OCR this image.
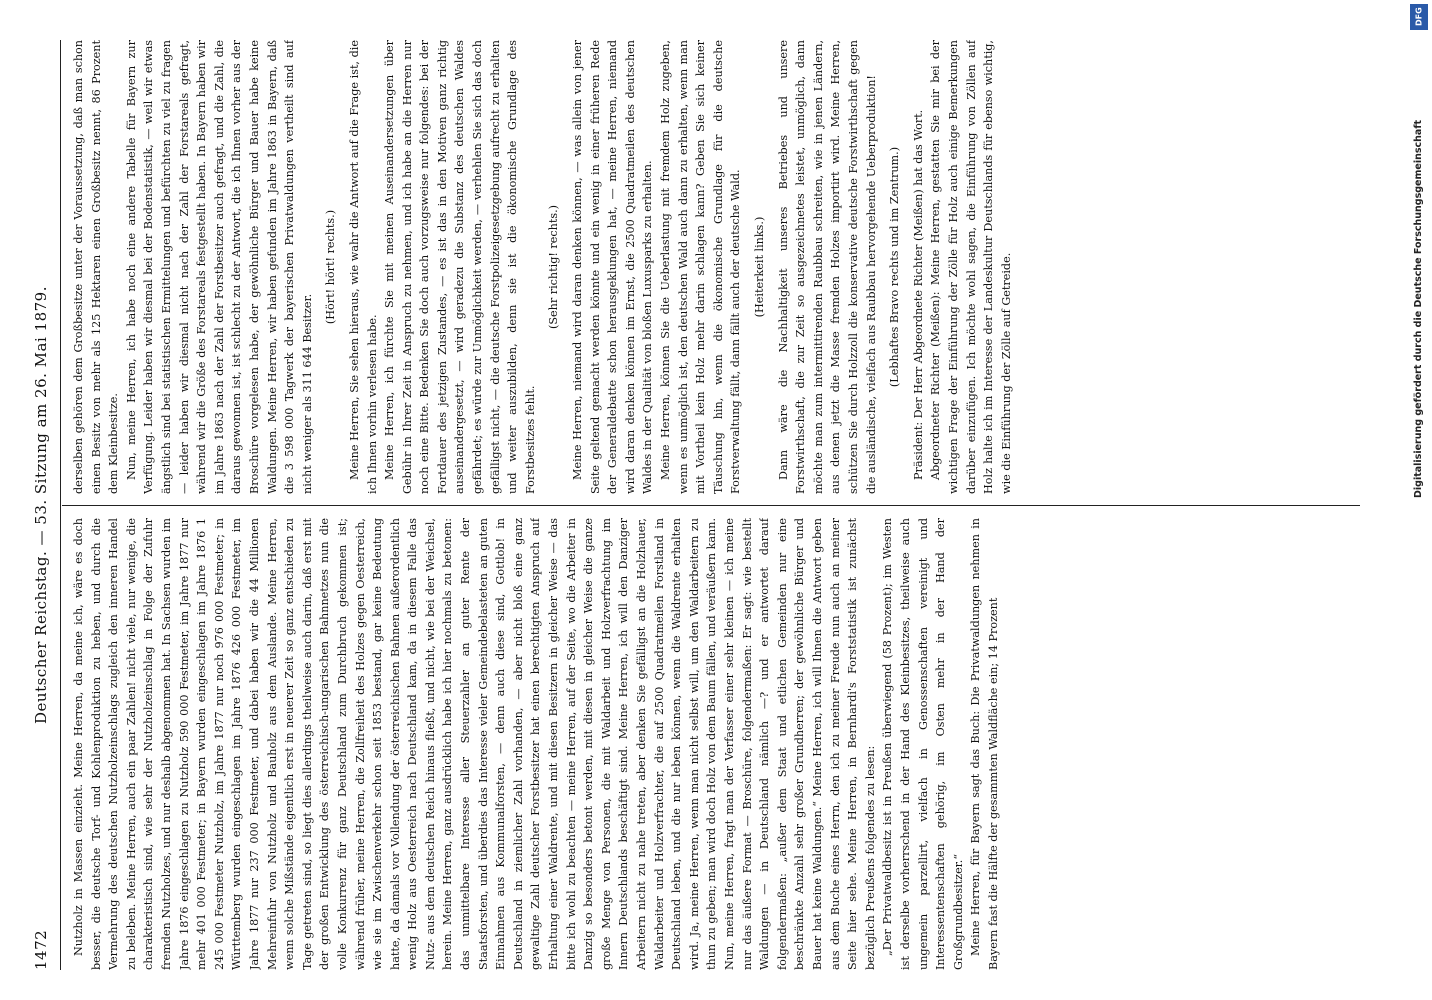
1472
Deutscher Reichstag. — 53. Sitzung am 26. Mai 1879.

Nutzholz in Massen einzieht. Meine Herren, da meine ich, wäre es doch besser, die deutsche Torf- und Kohlenproduktion zu heben, und durch die Vermehrung des deutschen Nutzholzeinschlags zugleich den inneren Handel zu beleben. Meine Herren, auch ein paar Zahlen! nicht viele, nur wenige, die charakteristisch sind, wie sehr der Nutzholzeinschlag in Folge der Zufuhr fremden Nutzholzes, und nur deshalb abgenommen hat. In Sachsen wurden im Jahre 1876 eingeschlagen zu Nutzholz 590 000 Festmeter, im Jahre 1877 nur mehr 401 000 Festmeter; in Bayern wurden eingeschlagen im Jahre 1876 1 245 000 Festmeter Nutzholz, im Jahre 1877 nur noch 976 000 Festmeter; in Württemberg wurden eingeschlagen im Jahre 1876 426 000 Festmeter, im Jahre 1877 nur 237 000 Festmeter, und dabei haben wir die 44 Millionen Mehreinfuhr von Nutzholz und Bauholz aus dem Auslande. Meine Herren, wenn solche Mißstände eigentlich erst in neuerer Zeit so ganz entschieden zu Tage getreten sind, so liegt dies allerdings theilweise auch darin, daß erst mit der großen Entwicklung des österreichisch-ungarischen Bahnnetzes nun die volle Konkurrenz für ganz Deutschland zum Durchbruch gekommen ist; während früher, meine Herren, die Zollfreiheit des Holzes gegen Oesterreich, wie sie im Zwischenverkehr schon seit 1853 bestand, gar keine Bedeutung hatte, da damals vor Vollendung der österreichischen Bahnen außerordentlich wenig Holz aus Oesterreich nach Deutschland kam, da in diesem Falle das Nutz- aus dem deutschen Reich hinaus fließt, und nicht, wie bei der Weichsel, herein. Meine Herren, ganz ausdrücklich habe ich hier nochmals zu betonen: das unmittelbare Interesse aller Steuerzahler an guter Rente der Staatsforsten, und überdies das Interesse vieler Gemeindebelasteten an guten Einnahmen aus Kommunalforsten, — denn auch diese sind, Gottlob! in Deutschland in ziemlicher Zahl vorhanden, — aber nicht bloß eine ganz gewaltige Zahl deutscher Forstbesitzer hat einen berechtigten Anspruch auf Erhaltung einer Waldrente, und mit diesen Besitzern in gleicher Weise — das bitte ich wohl zu beachten — meine Herren, auf der Seite, wo die Arbeiter in Danzig so besonders betont werden, mit diesen in gleicher Weise die ganze große Menge von Personen, die mit Waldarbeit und Holzverfrachtung im Innern Deutschlands beschäftigt sind. Meine Herren, ich will den Danziger Arbeitern nicht zu nahe treten, aber denken Sie gefälligst an die Holzhauer, Waldarbeiter und Holzverfrachter, die auf 2500 Quadratmeilen Forstland in Deutschland leben, und die nur leben können, wenn die Waldrente erhalten wird. Ja, meine Herren, wenn man nicht selbst will, um den Waldarbeitern zu thun zu geben; man wird doch Holz von dem Baum fällen, und veräußern kann. Nun, meine Herren, fragt man der Verfasser einer sehr kleinen — ich meine nur das äußere Format — Broschüre, folgendermaßen: Er sagt: wie bestellt Waldungen — in Deutschland nämlich —? und er antwortet darauf folgendermaßen: „außer dem Staat und etlichen Gemeinden nur eine beschränkte Anzahl sehr großer Grundherren; der gewöhnliche Bürger und Bauer hat keine Waldungen.“ Meine Herren, ich will Ihnen die Antwort geben aus dem Buche eines Herrn, den ich zu meiner Freude nun auch an meiner Seite hier sehe. Meine Herren, in Bernhardi's Forststatistik ist zunächst bezüglich Preußens folgendes zu lesen: „Der Privatwaldbesitz ist in Preußen überwiegend (58 Prozent); im Westen ist derselbe vorherrschend in der Hand des Kleinbesitzes, theilweise auch ungemein parzellirt, vielfach in Genossenschaften vereinigt und Interessentenschaften gehörig, im Osten mehr in der Hand der Großgrundbesitzer.“ Meine Herren, für Bayern sagt das Buch: Die Privatwaldungen nehmen in Bayern fast die Hälfte der gesammten Waldfläche ein; 14 Prozent

derselben gehören dem Großbesitze unter der Voraussetzung, daß man schon einen Besitz von mehr als 125 Hektaren einen Großbesitz nennt, 86 Prozent dem Kleinbesitze. Nun, meine Herren, ich habe noch eine andere Tabelle für Bayern zur Verfügung. Leider haben wir diesmal bei der Bodenstatistik, — weil wir etwas ängstlich sind bei statistischen Ermittelungen und befürchten zu viel zu fragen — leider haben wir diesmal nicht nach der Zahl der Forstareals gefragt, während wir die Größe des Forstareals festgestellt haben. In Bayern haben wir im Jahre 1863 nach der Zahl der Forstbesitzer auch gefragt, und die Zahl, die daraus gewonnen ist, ist schlecht zu der Antwort, die ich Ihnen vorher aus der Broschüre vorgelesen habe, der gewöhnliche Bürger und Bauer habe keine Waldungen. Meine Herren, wir haben gefunden im Jahre 1863 in Bayern, daß die 3 598 000 Tagwerk der bayerischen Privatwaldungen vertheilt sind auf nicht weniger als 311 644 Besitzer.

(Hört! hört! rechts.) Meine Herren, Sie sehen hieraus, wie wahr die Antwort auf die Frage ist, die ich Ihnen vorhin verlesen habe. Meine Herren, ich fürchte Sie mit meinen Auseinandersetzungen über Gebühr in Ihrer Zeit in Anspruch zu nehmen, und ich habe an die Herren nur noch eine Bitte. Bedenken Sie doch auch vorzugsweise nur folgendes: bei der Fortdauer des jetzigen Zustandes, — es ist das in den Motiven ganz richtig auseinandergesetzt, — wird geradezu die Substanz des deutschen Waldes gefährdet; es würde zur Unmöglichkeit werden, — verhehlen Sie sich das doch gefälligst nicht, — die deutsche Forstpolizeigesetzgebung aufrecht zu erhalten und weiter auszubilden, denn sie ist die ökonomische Grundlage des Forstbesitzes fehlt.

(Sehr richtig! rechts.) Meine Herren, niemand wird daran denken können, — was allein von jener Seite geltend gemacht werden könnte und ein wenig in einer früheren Rede der Generaldebatte schon herausgeklungen hat, — meine Herren, niemand wird daran denken können im Ernst, die 2500 Quadratmeilen des deutschen Waldes in der Qualität von bloßen Luxusparks zu erhalten. Meine Herren, können Sie die Ueberlastung mit fremdem Holz zugeben, wenn es unmöglich ist, den deutschen Wald auch dann zu erhalten, wenn man mit Vortheil kein Holz mehr darin schlagen kann? Geben Sie sich keiner Täuschung hin, wenn die ökonomische Grundlage für die deutsche Forstverwaltung fällt, dann fällt auch der deutsche Wald. (Heiterkeit links.) Dann wäre die Nachhaltigkeit unseres Betriebes und unsere Forstwirthschaft, die zur Zeit so ausgezeichnetes leistet, unmöglich, dann möchte man zum intermittirenden Raubbau schreiten, wie in jenen Ländern, aus denen jetzt die Masse fremden Holzes importirt wird. Meine Herren, schützen Sie durch Holzzoll die konservative deutsche Forstwirthschaft gegen die ausländische, vielfach aus Raubbau hervorgehende Ueberproduktion! (Lebhaftes Bravo rechts und im Zentrum.) Präsident: Der Herr Abgeordnete Richter (Meißen) hat das Wort. Abgeordneter Richter (Meißen): Meine Herren, gestatten Sie mir bei der wichtigen Frage der Einführung der Zölle für Holz auch einige Bemerkungen darüber einzufügen. Ich möchte wohl sagen, die Einführung von Zöllen auf Holz halte ich im Interesse der Landeskultur Deutschlands für ebenso wichtig, wie die Einführung der Zölle auf Getreide.

DFG
Digitalisierung gefördert durch die Deutsche Forschungsgemeinschaft
